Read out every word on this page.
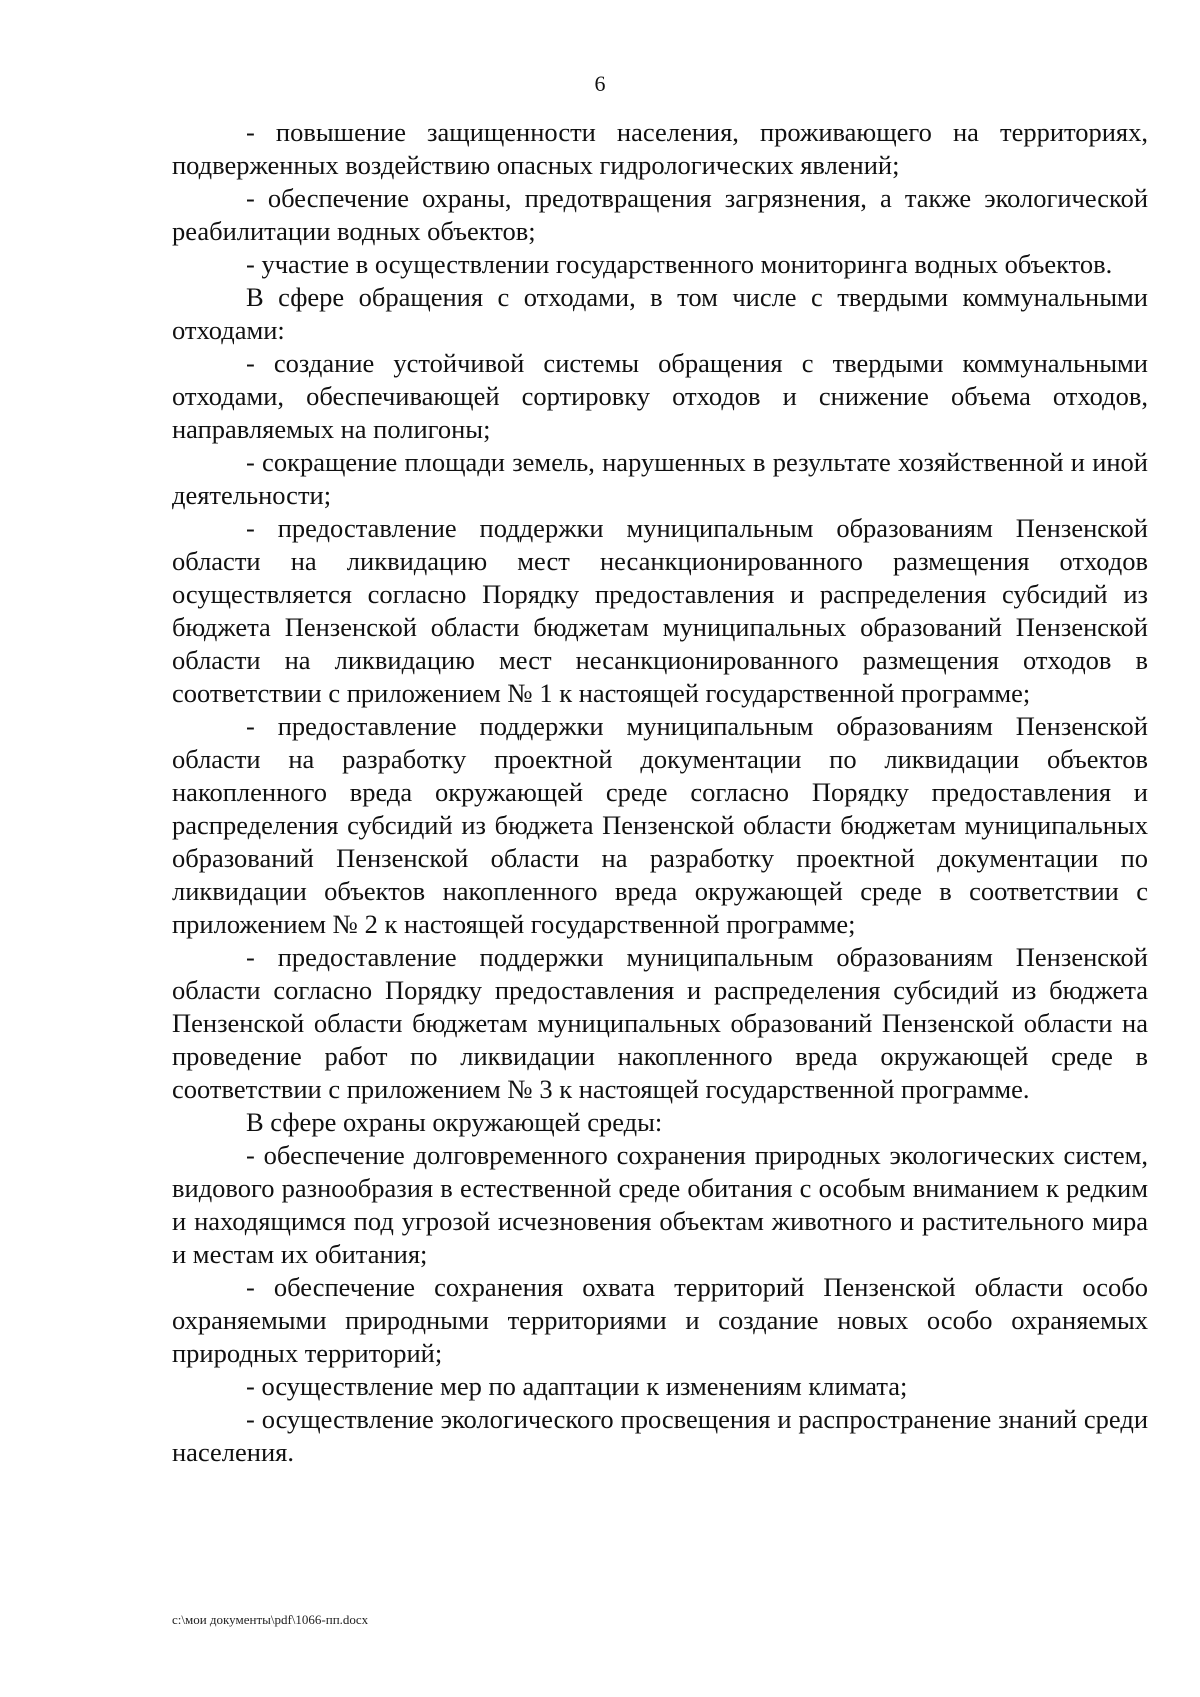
6

- повышение защищенности населения, проживающего на территориях, подверженных воздействию опасных гидрологических явлений;

- обеспечение охраны, предотвращения загрязнения, а также экологической реабилитации водных объектов;

- участие в осуществлении государственного мониторинга водных объектов.

В сфере обращения с отходами, в том числе с твердыми коммунальными отходами:

- создание устойчивой системы обращения с твердыми коммунальными отходами, обеспечивающей сортировку отходов и снижение объема отходов, направляемых на полигоны;

- сокращение площади земель, нарушенных в результате хозяйственной и иной деятельности;

- предоставление поддержки муниципальным образованиям Пензенской области на ликвидацию мест несанкционированного размещения отходов осуществляется согласно Порядку предоставления и распределения субсидий из бюджета Пензенской области бюджетам муниципальных образований Пензенской области на ликвидацию мест несанкционированного размещения отходов в соответствии с приложением № 1 к настоящей государственной программе;

- предоставление поддержки муниципальным образованиям Пензенской области на разработку проектной документации по ликвидации объектов накопленного вреда окружающей среде согласно Порядку предоставления и распределения субсидий из бюджета Пензенской области бюджетам муниципальных образований Пензенской области на разработку проектной документации по ликвидации объектов накопленного вреда окружающей среде в соответствии с приложением № 2 к настоящей государственной программе;

- предоставление поддержки муниципальным образованиям Пензенской области согласно Порядку предоставления и распределения субсидий из бюджета Пензенской области бюджетам муниципальных образований Пензенской области на проведение работ по ликвидации накопленного вреда окружающей среде в соответствии с приложением № 3 к настоящей государственной программе.

В сфере охраны окружающей среды:

- обеспечение долговременного сохранения природных экологических систем, видового разнообразия в естественной среде обитания с особым вниманием к редким и находящимся под угрозой исчезновения объектам животного и растительного мира и местам их обитания;

- обеспечение сохранения охвата территорий Пензенской области особо охраняемыми природными территориями и создание новых особо охраняемых природных территорий;

- осуществление мер по адаптации к изменениям климата;

- осуществление экологического просвещения и распространение знаний среди населения.

c:\мои документы\pdf\1066-пп.docx
